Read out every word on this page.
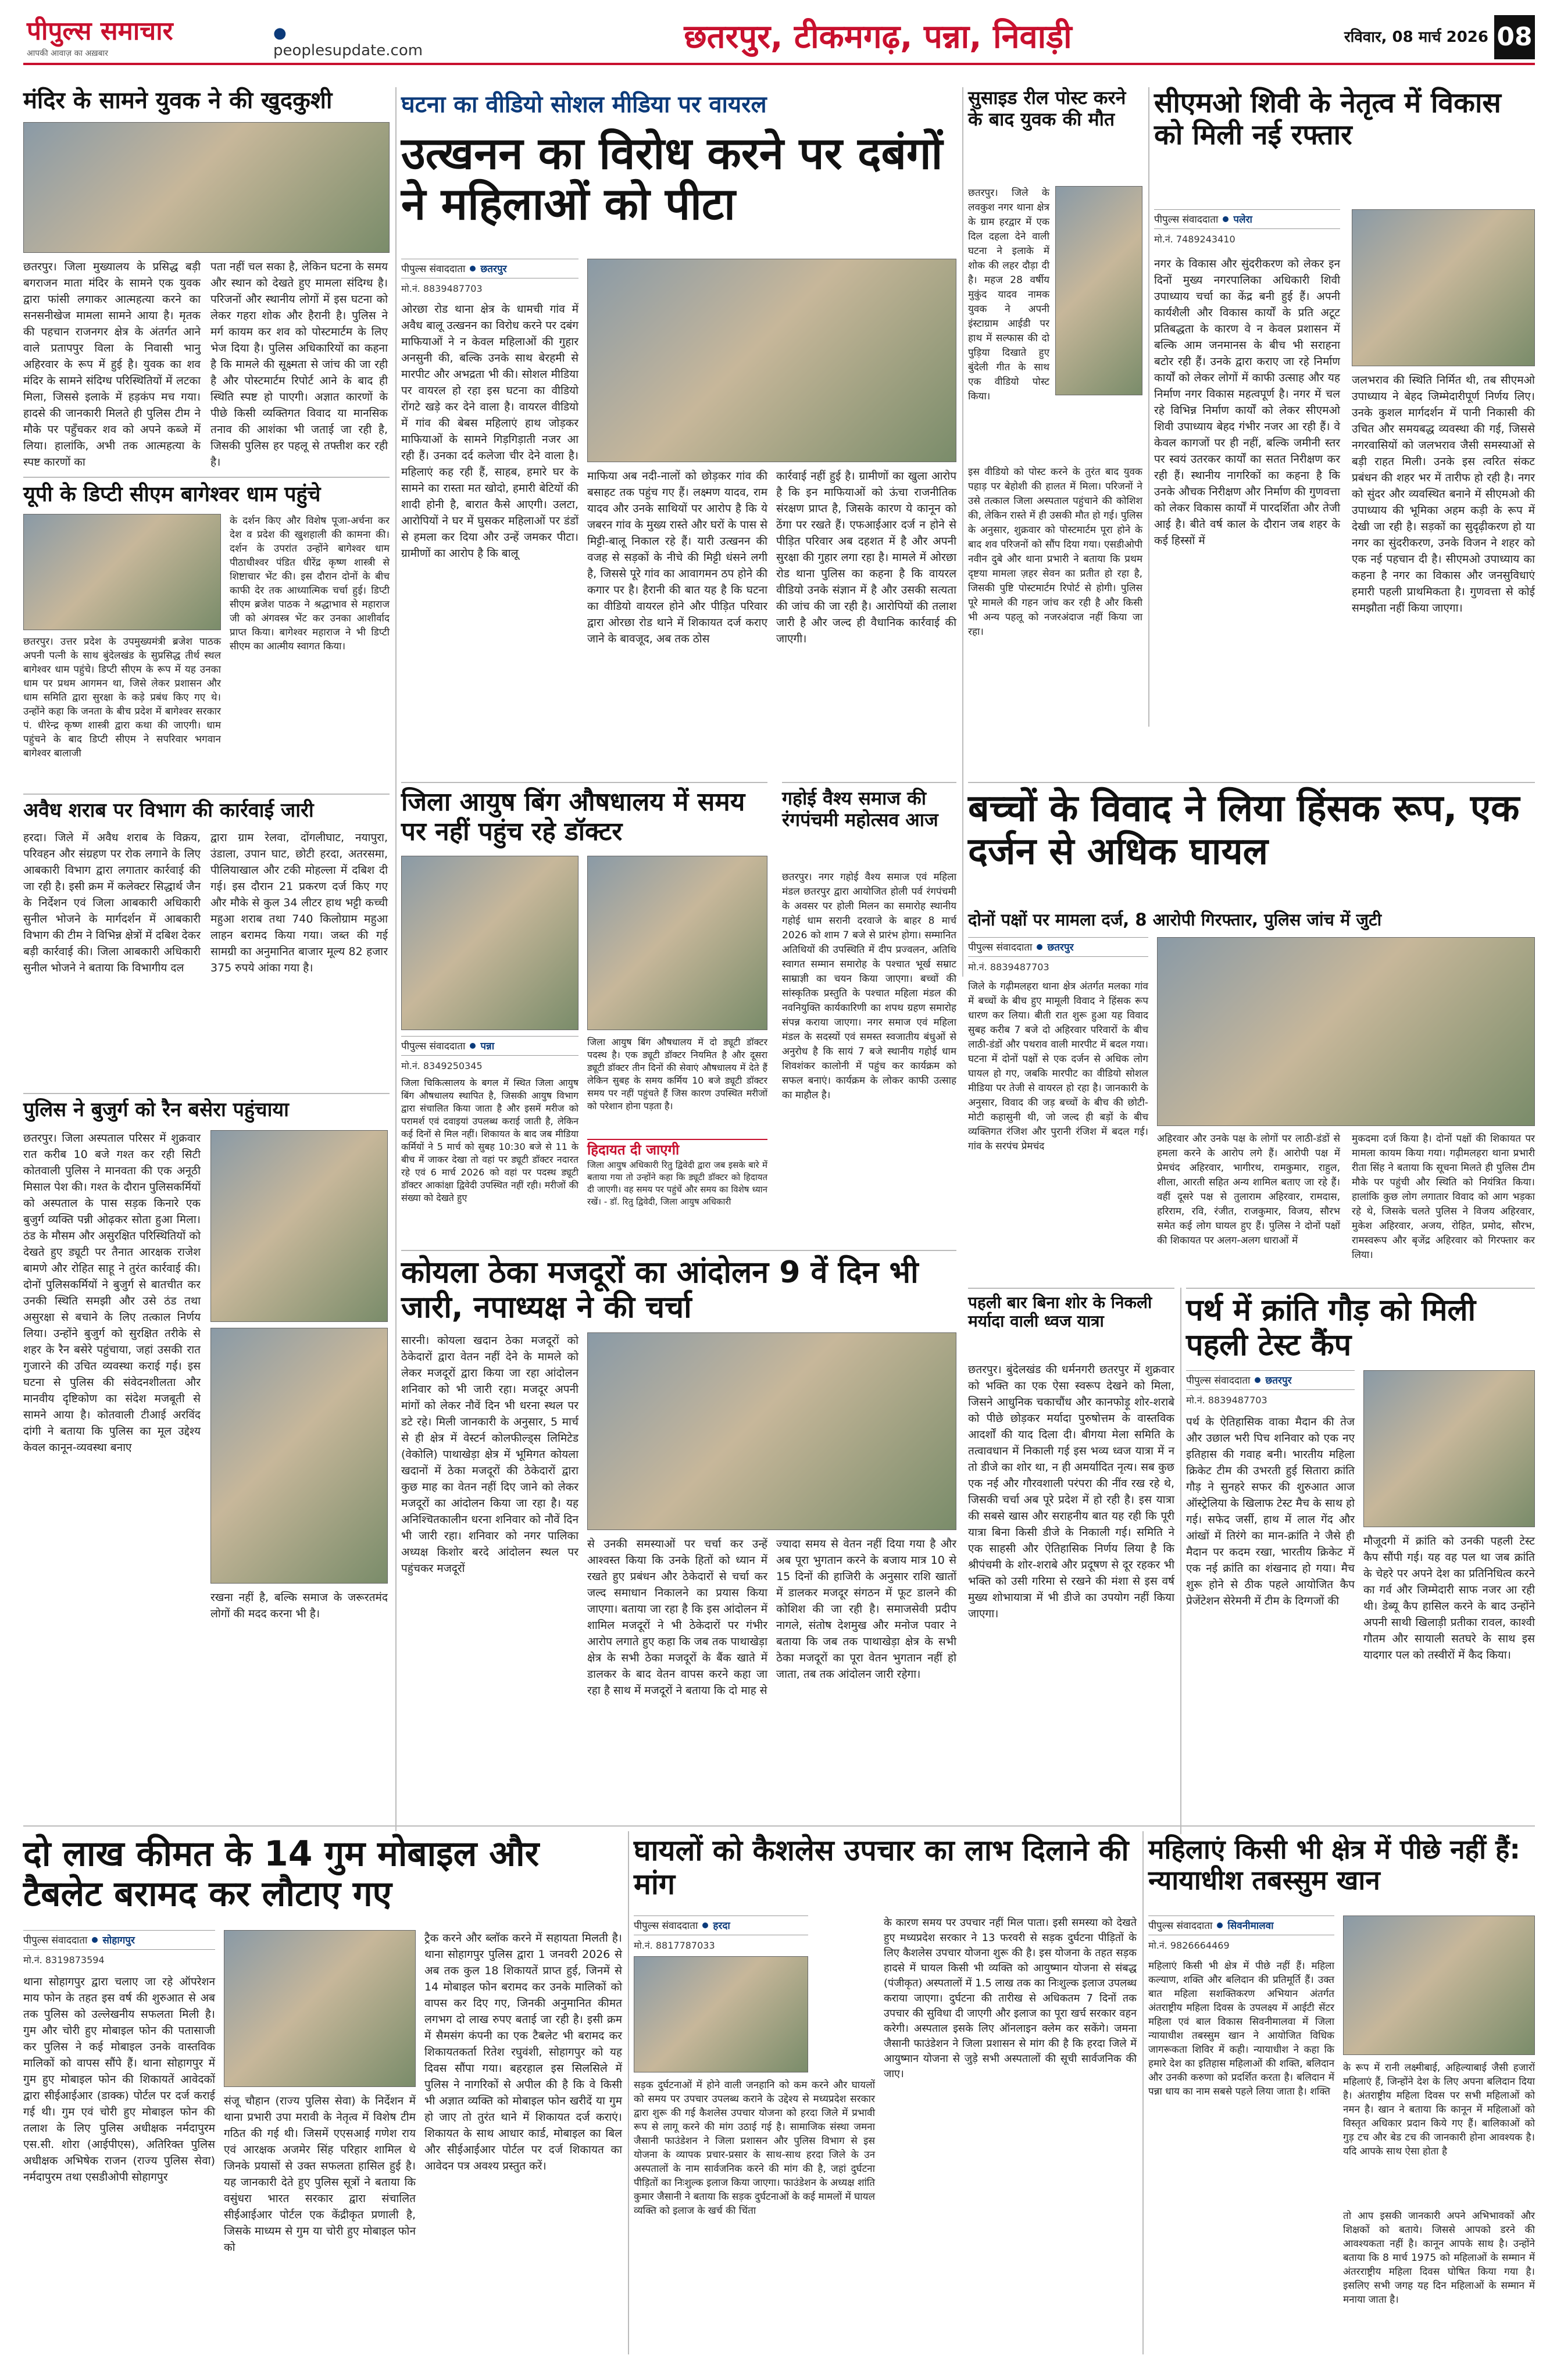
पीपुल्स समाचार
आपकी आवाज़ का अख़बार
● peoplesupdate.com	छतरपुर, टीकमगढ़, पन्ना, निवाड़ी	रविवार, 08 मार्च 2026 08
मंदिर के सामने युवक ने की खुदकुशी
छतरपुर। जिला मुख्यालय के प्रसिद्ध बड़ी बगराजन माता मंदिर के सामने एक युवक द्वारा फांसी लगाकर आत्महत्या करने का सनसनीखेज मामला सामने आया है। मृतक की पहचान राजनगर क्षेत्र के अंतर्गत आने वाले प्रतापपुर विला के निवासी भानु अहिरवार के रूप में हुई है। युवक का शव मंदिर के सामने संदिग्ध परिस्थितियों में लटका मिला, जिससे इलाके में हड़कंप मच गया। हादसे की जानकारी मिलते ही पुलिस टीम ने मौके पर पहुँचकर शव को अपने कब्जे में लिया। हालांकि, अभी तक आत्महत्या के स्पष्ट कारणों का
पता नहीं चल सका है, लेकिन घटना के समय और स्थान को देखते हुए मामला संदिग्ध है। परिजनों और स्थानीय लोगों में इस घटना को लेकर गहरा शोक और हैरानी है। पुलिस ने मर्ग कायम कर शव को पोस्टमार्टम के लिए भेज दिया है। पुलिस अधिकारियों का कहना है कि मामले की सूक्ष्मता से जांच की जा रही है और पोस्टमार्टम रिपोर्ट आने के बाद ही स्थिति स्पष्ट हो पाएगी। अज्ञात कारणों के पीछे किसी व्यक्तिगत विवाद या मानसिक तनाव की आशंका भी जताई जा रही है, जिसकी पुलिस हर पहलू से तफ्तीश कर रही है।
यूपी के डिप्टी सीएम बागेश्वर धाम पहुंचे
छतरपुर। उत्तर प्रदेश के उपमुख्यमंत्री ब्रजेश पाठक अपनी पत्नी के साथ बुंदेलखंड के सुप्रसिद्ध तीर्थ स्थल बागेश्वर धाम पहुंचे। डिप्टी सीएम के रूप में यह उनका धाम पर प्रथम आगमन था, जिसे लेकर प्रशासन और धाम समिति द्वारा सुरक्षा के कड़े प्रबंध किए गए थे। उन्होंने कहा कि जनता के बीच प्रदेश में बागेश्वर सरकार पं. धीरेन्द्र कृष्ण शास्त्री द्वारा कथा की जाएगी। धाम पहुंचने के बाद डिप्टी सीएम ने सपरिवार भगवान बागेश्वर बालाजी
के दर्शन किए और विशेष पूजा-अर्चना कर देश व प्रदेश की खुशहाली की कामना की। दर्शन के उपरांत उन्होंने बागेश्वर धाम पीठाधीश्वर पंडित धीरेंद्र कृष्ण शास्त्री से शिष्टाचार भेंट की। इस दौरान दोनों के बीच काफी देर तक आध्यात्मिक चर्चा हुई। डिप्टी सीएम ब्रजेश पाठक ने श्रद्धाभाव से महाराज जी को अंगवस्त्र भेंट कर उनका आशीर्वाद प्राप्त किया। बागेश्वर महाराज ने भी डिप्टी सीएम का आत्मीय स्वागत किया।
अवैध शराब पर विभाग की कार्रवाई जारी
हरदा। जिले में अवैध शराब के विक्रय, परिवहन और संग्रहण पर रोक लगाने के लिए आबकारी विभाग द्वारा लगातार कार्रवाई की जा रही है। इसी क्रम में कलेक्टर सिद्धार्थ जैन के निर्देशन एवं जिला आबकारी अधिकारी सुनील भोजने के मार्गदर्शन में आबकारी विभाग की टीम ने विभिन्न क्षेत्रों में दबिश देकर बड़ी कार्रवाई की। जिला आबकारी अधिकारी सुनील भोजने ने बताया कि विभागीय दल
द्वारा ग्राम रेलवा, दोंगलीघाट, नयापुरा, उंडाला, उपान घाट, छोटी हरदा, अतरसमा, पीलियाखाल और टकी मोहल्ला में दबिश दी गई। इस दौरान 21 प्रकरण दर्ज किए गए और मौके से कुल 34 लीटर हाथ भट्टी कच्ची महुआ शराब तथा 740 किलोग्राम महुआ लाहन बरामद किया गया। जब्त की गई सामग्री का अनुमानित बाजार मूल्य 82 हजार 375 रुपये आंका गया है।
पुलिस ने बुजुर्ग को रैन बसेरा पहुंचाया
छतरपुर। जिला अस्पताल परिसर में शुक्रवार रात करीब 10 बजे गश्त कर रही सिटी कोतवाली पुलिस ने मानवता की एक अनूठी मिसाल पेश की। गश्त के दौरान पुलिसकर्मियों को अस्पताल के पास सड़क किनारे एक बुजुर्ग व्यक्ति पन्नी ओढ़कर सोता हुआ मिला। ठंड के मौसम और असुरक्षित परिस्थितियों को देखते हुए ड्यूटी पर तैनात आरक्षक राजेश बामणे और रोहित साहू ने तुरंत कार्रवाई की। दोनों पुलिसकर्मियों ने बुजुर्ग से बातचीत कर उनकी स्थिति समझी और उसे ठंड तथा असुरक्षा से बचाने के लिए तत्काल निर्णय लिया। उन्होंने बुजुर्ग को सुरक्षित तरीके से शहर के रैन बसेरे पहुंचाया, जहां उसकी रात गुजारने की उचित व्यवस्था कराई गई। इस घटना से पुलिस की संवेदनशीलता और मानवीय दृष्टिकोण का संदेश मजबूती से सामने आया है। कोतवाली टीआई अरविंद दांगी ने बताया कि पुलिस का मूल उद्देश्य केवल कानून-व्यवस्था बनाए
रखना नहीं है, बल्कि समाज के जरूरतमंद लोगों की मदद करना भी है।
घटना का वीडियो सोशल मीडिया पर वायरल
उत्खनन का विरोध करने पर दबंगों ने महिलाओं को पीटा
पीपुल्स संवाददाता छतरपुर
मो.नं. 8839487703
ओरछा रोड थाना क्षेत्र के धामची गांव में अवैध बालू उत्खनन का विरोध करने पर दबंग माफियाओं ने न केवल महिलाओं की गुहार अनसुनी की, बल्कि उनके साथ बेरहमी से मारपीट और अभद्रता भी की। सोशल मीडिया पर वायरल हो रहा इस घटना का वीडियो रोंगटे खड़े कर देने वाला है। वायरल वीडियो में गांव की बेबस महिलाएं हाथ जोड़कर माफियाओं के सामने गिड़गिड़ाती नजर आ रही हैं। उनका दर्द कलेजा चीर देने वाला है। महिलाएं कह रही हैं, साहब, हमारे घर के सामने का रास्ता मत खोदो, हमारी बेटियों की शादी होनी है, बारात कैसे आएगी। उलटा, आरोपियों ने घर में घुसकर महिलाओं पर डंडों से हमला कर दिया और उन्हें जमकर पीटा। ग्रामीणों का आरोप है कि बालू
माफिया अब नदी-नालों को छोड़कर गांव की बसाहट तक पहुंच गए हैं। लक्ष्मण यादव, राम यादव और उनके साथियों पर आरोप है कि ये जबरन गांव के मुख्य रास्ते और घरों के पास से मिट्टी-बालू निकाल रहे हैं। यारी उत्खनन की वजह से सड़कों के नीचे की मिट्टी धंसने लगी है, जिससे पूरे गांव का आवागमन ठप होने की कगार पर है। हैरानी की बात यह है कि घटना का वीडियो वायरल होने और पीड़ित परिवार द्वारा ओरछा रोड थाने में शिकायत दर्ज कराए जाने के बावजूद, अब तक ठोस
कार्रवाई नहीं हुई है। ग्रामीणों का खुला आरोप है कि इन माफियाओं को ऊंचा राजनीतिक संरक्षण प्राप्त है, जिसके कारण ये कानून को ठेंगा पर रखते हैं। एफआईआर दर्ज न होने से पीड़ित परिवार अब दहशत में है और अपनी सुरक्षा की गुहार लगा रहा है। मामले में ओरछा रोड थाना पुलिस का कहना है कि वायरल वीडियो उनके संज्ञान में है और उसकी सत्यता की जांच की जा रही है। आरोपियों की तलाश जारी है और जल्द ही वैधानिक कार्रवाई की जाएगी।
सुसाइड रील पोस्ट करने के बाद युवक की मौत
छतरपुर। जिले के लवकुश नगर थाना क्षेत्र के ग्राम हरद्वार में एक दिल दहला देने वाली घटना ने इलाके में शोक की लहर दौड़ा दी है। महज 28 वर्षीय मुकुंद यादव नामक युवक ने अपनी इंस्टाग्राम आईडी पर हाथ में सल्फास की दो पुड़िया दिखाते हुए बुंदेली गीत के साथ एक वीडियो पोस्ट किया।
इस वीडियो को पोस्ट करने के तुरंत बाद युवक पहाड़ पर बेहोशी की हालत में मिला। परिजनों ने उसे तत्काल जिला अस्पताल पहुंचाने की कोशिश की, लेकिन रास्ते में ही उसकी मौत हो गई। पुलिस के अनुसार, शुक्रवार को पोस्टमार्टम पूरा होने के बाद शव परिजनों को सौंप दिया गया। एसडीओपी नवीन दुबे और थाना प्रभारी ने बताया कि प्रथम दृष्टया मामला ज़हर सेवन का प्रतीत हो रहा है, जिसकी पुष्टि पोस्टमार्टम रिपोर्ट से होगी। पुलिस पूरे मामले की गहन जांच कर रही है और किसी भी अन्य पहलू को नजरअंदाज नहीं किया जा रहा।
सीएमओ शिवी के नेतृत्व में विकास को मिली नई रफ्तार
पीपुल्स संवाददाता पलेरा
मो.नं. 7489243410
नगर के विकास और सुंदरीकरण को लेकर इन दिनों मुख्य नगरपालिका अधिकारी शिवी उपाध्याय चर्चा का केंद्र बनी हुई हैं। अपनी कार्यशैली और विकास कार्यों के प्रति अटूट प्रतिबद्धता के कारण वे न केवल प्रशासन में बल्कि आम जनमानस के बीच भी सराहना बटोर रही हैं। उनके द्वारा कराए जा रहे निर्माण कार्यों को लेकर लोगों में काफी उत्साह और यह निर्माण नगर विकास महत्वपूर्ण है। नगर में चल रहे विभिन्न निर्माण कार्यों को लेकर सीएमओ शिवी उपाध्याय बेहद गंभीर नजर आ रही हैं। वे केवल कागजों पर ही नहीं, बल्कि जमीनी स्तर पर स्वयं उतरकर कार्यों का सतत निरीक्षण कर रही हैं। स्थानीय नागरिकों का कहना है कि उनके औचक निरीक्षण और निर्माण की गुणवत्ता को लेकर विकास कार्यों में पारदर्शिता और तेजी आई है। बीते वर्ष काल के दौरान जब शहर के कई हिस्सों में
जलभराव की स्थिति निर्मित थी, तब सीएमओ उपाध्याय ने बेहद जिम्मेदारीपूर्ण निर्णय लिए। उनके कुशल मार्गदर्शन में पानी निकासी की उचित और समयबद्ध व्यवस्था की गई, जिससे नगरवासियों को जलभराव जैसी समस्याओं से बड़ी राहत मिली। उनके इस त्वरित संकट प्रबंधन की शहर भर में तारीफ हो रही है। नगर को सुंदर और व्यवस्थित बनाने में सीएमओ की उपाध्याय की भूमिका अहम कड़ी के रूप में देखी जा रही है। सड़कों का सुदृढ़ीकरण हो या नगर का सुंदरीकरण, उनके विजन ने शहर को एक नई पहचान दी है। सीएमओ उपाध्याय का कहना है नगर का विकास और जनसुविधाएं हमारी पहली प्राथमिकता है। गुणवत्ता से कोई समझौता नहीं किया जाएगा।
जिला आयुष बिंग औषधालय में समय पर नहीं पहुंच रहे डॉक्टर
पीपुल्स संवाददाता पन्ना
मो.नं. 8349250345
जिला चिकित्सालय के बगल में स्थित जिला आयुष बिंग औषधालय स्थापित है, जिसकी आयुष विभाग द्वारा संचालित किया जाता है और इसमें मरीज को परामर्श एवं दवाइयां उपलब्ध कराई जाती है, लेकिन कई दिनों से मिल नहीं। शिकायत के बाद जब मीडिया कर्मियों ने 5 मार्च को सुबह 10:30 बजे से 11 के बीच में जाकर देखा तो वहां पर ड्यूटी डॉक्टर नदारत रहे एवं 6 मार्च 2026 को वहां पर पदस्थ ड्यूटी डॉक्टर आकांक्षा द्विवेदी उपस्थित नहीं रही। मरीजों की संख्या को देखते हुए
जिला आयुष बिंग औषधालय में दो ड्यूटी डॉक्टर पदस्थ है। एक ड्यूटी डॉक्टर नियमित है और दूसरा ड्यूटी डॉक्टर तीन दिनों की सेवाएं औषधालय में देते हैं लेकिन सुबह के समय कर्मिय 10 बजे ड्यूटी डॉक्टर समय पर नहीं पहुंचते हैं जिस कारण उपस्थित मरीजों को परेशान होना पड़ता है।
हिदायत दी जाएगी
जिला आयुष अधिकारी रितु द्विवेदी द्वारा जब इसके बारे में बताया गया तो उन्होंने कहा कि ड्यूटी डॉक्टर को हिदायत दी जाएगी। वह समय पर पहुंचें और समय का विशेष ध्यान रखें। - डॉ. रितु द्विवेदी, जिला आयुष अधिकारी
गहोई वैश्य समाज की रंगपंचमी महोत्सव आज
छतरपुर। नगर गहोई वैश्य समाज एवं महिला मंडल छतरपुर द्वारा आयोजित होली पर्व रंगपंचमी के अवसर पर होली मिलन का समारोह स्थानीय गहोई धाम सरानी दरवाजे के बाहर 8 मार्च 2026 को शाम 7 बजे से प्रारंभ होगा। सम्मानित अतिथियों की उपस्थिति में दीप प्रज्वलन, अतिथि स्वागत सम्मान समारोह के पश्चात भूर्ख सम्राट साम्राज्ञी का चयन किया जाएगा। बच्चों की सांस्कृतिक प्रस्तुति के पश्चात महिला मंडल की नवनियुक्ति कार्यकारिणी का शपथ ग्रहण समारोह संपन्न कराया जाएगा। नगर समाज एवं महिला मंडल के सदस्यों एवं समस्त स्वजातीय बंधुओं से अनुरोध है कि सायं 7 बजे स्थानीय गहोई धाम शिवशंकर कालोनी में पहुंच कर कार्यक्रम को सफल बनाएं। कार्यक्रम के लोकर काफी उत्साह का माहौल है।
बच्चों के विवाद ने लिया हिंसक रूप, एक दर्जन से अधिक घायल
दोनों पक्षों पर मामला दर्ज, 8 आरोपी गिरफ्तार, पुलिस जांच में जुटी
पीपुल्स संवाददाता छतरपुर
मो.नं. 8839487703
जिले के गढ़ीमलहरा थाना क्षेत्र अंतर्गत मलका गांव में बच्चों के बीच हुए मामूली विवाद ने हिंसक रूप धारण कर लिया। बीती रात शुरू हुआ यह विवाद सुबह करीब 7 बजे दो अहिरवार परिवारों के बीच लाठी-डंडों और पथराव वाली मारपीट में बदल गया। घटना में दोनों पक्षों से एक दर्जन से अधिक लोग घायल हो गए, जबकि मारपीट का वीडियो सोशल मीडिया पर तेजी से वायरल हो रहा है। जानकारी के अनुसार, विवाद की जड़ बच्चों के बीच की छोटी-मोटी कहासुनी थी, जो जल्द ही बड़ों के बीच व्यक्तिगत रंजिश और पुरानी रंजिश में बदल गई। गांव के सरपंच प्रेमचंद
अहिरवार और उनके पक्ष के लोगों पर लाठी-डंडों से हमला करने के आरोप लगे हैं। आरोपी पक्ष में प्रेमचंद अहिरवार, भागीरथ, रामकुमार, राहुल, शीला, आरती सहित अन्य शामिल बताए जा रहे हैं। वहीं दूसरे पक्ष से तुलाराम अहिरवार, रामदास, हरिराम, रवि, रंजीत, राजकुमार, विजय, सौरभ समेत कई लोग घायल हुए हैं। पुलिस ने दोनों पक्षों की शिकायत पर अलग-अलग धाराओं में
मुकदमा दर्ज किया है। दोनों पक्षों की शिकायत पर मामला कायम किया गया। गढ़ीमलहरा थाना प्रभारी रीता सिंह ने बताया कि सूचना मिलते ही पुलिस टीम मौके पर पहुंची और स्थिति को नियंत्रित किया। हालांकि कुछ लोग लगातार विवाद को आग भड़का रहे थे, जिसके चलते पुलिस ने विजय अहिरवार, मुकेश अहिरवार, अजय, रोहित, प्रमोद, सौरभ, रामस्वरूप और बृजेंद्र अहिरवार को गिरफ्तार कर लिया।
कोयला ठेका मजदूरों का आंदोलन 9 वें दिन भी जारी, नपाध्यक्ष ने की चर्चा
सारनी। कोयला खदान ठेका मजदूरों को ठेकेदारों द्वारा वेतन नहीं देने के मामले को लेकर मजदूरों द्वारा किया जा रहा आंदोलन शनिवार को भी जारी रहा। मजदूर अपनी मांगों को लेकर नौवें दिन भी धरना स्थल पर डटे रहे। मिली जानकारी के अनुसार, 5 मार्च से ही क्षेत्र में वेस्टर्न कोलफील्ड्स लिमिटेड (वेकोलि) पाथाखेड़ा क्षेत्र में भूमिगत कोयला खदानों में ठेका मजदूरों की ठेकेदारों द्वारा कुछ माह का वेतन नहीं दिए जाने को लेकर मजदूरों का आंदोलन किया जा रहा है। यह अनिश्चितकालीन धरना शनिवार को नौवें दिन भी जारी रहा। शनिवार को नगर पालिका अध्यक्ष किशोर बरदे आंदोलन स्थल पर पहुंचकर मजदूरों
से उनकी समस्याओं पर चर्चा कर उन्हें आश्वस्त किया कि उनके हितों को ध्यान में रखते हुए प्रबंधन और ठेकेदारों से चर्चा कर जल्द समाधान निकालने का प्रयास किया जाएगा। बताया जा रहा है कि इस आंदोलन में शामिल मजदूरों ने भी ठेकेदारों पर गंभीर आरोप लगाते हुए कहा कि जब तक पाथाखेड़ा क्षेत्र के सभी ठेका मजदूरों के बैंक खाते में डालकर के बाद वेतन वापस करने कहा जा रहा है साथ में मजदूरों ने बताया कि दो माह से
ज्यादा समय से वेतन नहीं दिया गया है और अब पूरा भुगतान करने के बजाय मात्र 10 से 15 दिनों की हाजिरी के अनुसार राशि खातों में डालकर मजदूर संगठन में फूट डालने की कोशिश की जा रही है। समाजसेवी प्रदीप नागले, संतोष देशमुख और मनोज पवार ने बताया कि जब तक पाथाखेड़ा क्षेत्र के सभी ठेका मजदूरों का पूरा वेतन भुगतान नहीं हो जाता, तब तक आंदोलन जारी रहेगा।
पहली बार बिना शोर के निकली मर्यादा वाली ध्वज यात्रा
छतरपुर। बुंदेलखंड की धर्मनगरी छतरपुर में शुक्रवार को भक्ति का एक ऐसा स्वरूप देखने को मिला, जिसने आधुनिक चकाचौंध और कानफोड़ू शोर-शराबे को पीछे छोड़कर मर्यादा पुरुषोत्तम के वास्तविक आदर्शों की याद दिला दी। बीगया मेला समिति के तत्वावधान में निकाली गई इस भव्य ध्वज यात्रा में न तो डीजे का शोर था, न ही अमर्यादित नृत्य। सब कुछ एक नई और गौरवशाली परंपरा की नींव रख रहे थे, जिसकी चर्चा अब पूरे प्रदेश में हो रही है। इस यात्रा की सबसे खास और सराहनीय बात यह रही कि पूरी यात्रा बिना किसी डीजे के निकाली गई। समिति ने एक साहसी और ऐतिहासिक निर्णय लिया है कि श्रीपंचमी के शोर-शराबे और प्रदूषण से दूर रहकर भी भक्ति को उसी गरिमा से रखने की मंशा से इस वर्ष मुख्य शोभायात्रा में भी डीजे का उपयोग नहीं किया जाएगा।
पर्थ में क्रांति गौड़ को मिली पहली टेस्ट कैंप
पीपुल्स संवाददाता छतरपुर
मो.नं. 8839487703
पर्थ के ऐतिहासिक वाका मैदान की तेज और उछाल भरी पिच शनिवार को एक नए इतिहास की गवाह बनी। भारतीय महिला क्रिकेट टीम की उभरती हुई सितारा क्रांति गौड़ ने सुनहरे सफर की शुरुआत आज ऑस्ट्रेलिया के खिलाफ टेस्ट मैच के साथ हो गई। सफेद जर्सी, हाथ में लाल गेंद और आंखों में तिरंगे का मान-क्रांति ने जैसे ही मैदान पर कदम रखा, भारतीय क्रिकेट में एक नई क्रांति का शंखनाद हो गया। मैच शुरू होने से ठीक पहले आयोजित कैप प्रेजेंटेशन सेरेमनी में टीम के दिग्गजों की
मौजूदगी में क्रांति को उनकी पहली टेस्ट कैप सौंपी गई। यह वह पल था जब क्रांति के चेहरे पर अपने देश का प्रतिनिधित्व करने का गर्व और जिम्मेदारी साफ नजर आ रही थी। डेब्यू कैप हासिल करने के बाद उन्होंने अपनी साथी खिलाड़ी प्रतीका रावल, काश्वी गौतम और सायाली सतघरे के साथ इस यादगार पल को तस्वीरों में कैद किया।
दो लाख कीमत के 14 गुम मोबाइल और टैबलेट बरामद कर लौटाए गए
पीपुल्स संवाददाता सोहागपुर
मो.नं. 8319873594
थाना सोहागपुर द्वारा चलाए जा रहे ऑपरेशन माय फोन के तहत इस वर्ष की शुरुआत से अब तक पुलिस को उल्लेखनीय सफलता मिली है। गुम और चोरी हुए मोबाइल फोन की पतासाजी कर पुलिस ने कई मोबाइल उनके वास्तविक मालिकों को वापस सौंपे हैं। थाना सोहागपुर में गुम हुए मोबाइल फोन की शिकायतें आवेदकों द्वारा सीईआईआर (डाक्क) पोर्टल पर दर्ज कराई गई थी। गुम एवं चोरी हुए मोबाइल फोन की तलाश के लिए पुलिस अधीक्षक नर्मदापुरम एस.सी. शोरा (आईपीएस), अतिरिक्त पुलिस अधीक्षक अभिषेक राजन (राज्य पुलिस सेवा) नर्मदापुरम तथा एसडीओपी सोहागपुर
संजू चौहान (राज्य पुलिस सेवा) के निर्देशन में थाना प्रभारी उपा मरावी के नेतृत्व में विशेष टीम गठित की गई थी। जिसमें एएसआई गणेश राय एवं आरक्षक अजमेर सिंह परिहार शामिल थे जिनके प्रयासों से उक्त सफलता हासिल हुई है। यह जानकारी देते हुए पुलिस सूत्रों ने बताया कि वसुंधरा भारत सरकार द्वारा संचालित सीईआईआर पोर्टल एक केंद्रीकृत प्रणाली है, जिसके माध्यम से गुम या चोरी हुए मोबाइल फोन को
ट्रैक करने और ब्लॉक करने में सहायता मिलती है। थाना सोहागपुर पुलिस द्वारा 1 जनवरी 2026 से अब तक कुल 18 शिकायतें प्राप्त हुई, जिनमें से 14 मोबाइल फोन बरामद कर उनके मालिकों को वापस कर दिए गए, जिनकी अनुमानित कीमत लगभग दो लाख रुपए बताई जा रही है। इसी क्रम में सैमसंग कंपनी का एक टैबलेट भी बरामद कर शिकायतकर्ता रितेश रघुवंशी, सोहागपुर को यह दिवस सौंपा गया। बहरहाल इस सिलसिले में पुलिस ने नागरिकों से अपील की है कि वे किसी भी अज्ञात व्यक्ति को मोबाइल फोन खरीदें या गुम हो जाए तो तुरंत थाने में शिकायत दर्ज कराएं। शिकायत के साथ आधार कार्ड, मोबाइल का बिल और सीईआईआर पोर्टल पर दर्ज शिकायत का आवेदन पत्र अवश्य प्रस्तुत करें।
घायलों को कैशलेस उपचार का लाभ दिलाने की मांग
पीपुल्स संवाददाता हरदा
मो.नं. 8817787033
सड़क दुर्घटनाओं में होने वाली जनहानि को कम करने और घायलों को समय पर उपचार उपलब्ध कराने के उद्देश्य से मध्यप्रदेश सरकार द्वारा शुरू की गई कैशलेस उपचार योजना को हरदा जिले में प्रभावी रूप से लागू करने की मांग उठाई गई है। सामाजिक संस्था जमना जैसानी फाउंडेशन ने जिला प्रशासन और पुलिस विभाग से इस योजना के व्यापक प्रचार-प्रसार के साथ-साथ हरदा जिले के उन अस्पतालों के नाम सार्वजनिक करने की मांग की है, जहां दुर्घटना पीड़ितों का निःशुल्क इलाज किया जाएगा। फाउंडेशन के अध्यक्ष शांति कुमार जैसानी ने बताया कि सड़क दुर्घटनाओं के कई मामलों में घायल व्यक्ति को इलाज के खर्च की चिंता
के कारण समय पर उपचार नहीं मिल पाता। इसी समस्या को देखते हुए मध्यप्रदेश सरकार ने 13 फरवरी से सड़क दुर्घटना पीड़ितों के लिए कैशलेस उपचार योजना शुरू की है। इस योजना के तहत सड़क हादसे में घायल किसी भी व्यक्ति को आयुष्मान योजना से संबद्ध (पंजीकृत) अस्पतालों में 1.5 लाख तक का निःशुल्क इलाज उपलब्ध कराया जाएगा। दुर्घटना की तारीख से अधिकतम 7 दिनों तक उपचार की सुविधा दी जाएगी और इलाज का पूरा खर्च सरकार वहन करेगी। अस्पताल इसके लिए ऑनलाइन क्लेम कर सकेंगे। जमना जैसानी फाउंडेशन ने जिला प्रशासन से मांग की है कि हरदा जिले में आयुष्मान योजना से जुड़े सभी अस्पतालों की सूची सार्वजनिक की जाए।
महिलाएं किसी भी क्षेत्र में पीछे नहीं हैं: न्यायाधीश तबस्सुम खान
पीपुल्स संवाददाता सिवनीमालवा
मो.नं. 9826664469
महिलाएं किसी भी क्षेत्र में पीछे नहीं हैं। महिला कल्याण, शक्ति और बलिदान की प्रतिमूर्ति हैं। उक्त बात महिला सशक्तिकरण अभियान अंतर्गत अंतराष्ट्रीय महिला दिवस के उपलक्ष्य में आईटी सेंटर महिला एवं बाल विकास सिवनीमालवा में जिला न्यायाधीश तबस्सुम खान ने आयोजित विधिक जागरूकता शिविर में कही। न्यायाधीश ने कहा कि हमारे देश का इतिहास महिलाओं की शक्ति, बलिदान और उनकी करुणा को प्रदर्शित करता है। बलिदान में पन्ना धाय का नाम सबसे पहले लिया जाता है। शक्ति
के रूप में रानी लक्ष्मीबाई, अहिल्याबाई जैसी हजारों महिलाएं हैं, जिन्होंने देश के लिए अपना बलिदान दिया है। अंतराष्ट्रीय महिला दिवस पर सभी महिलाओं को नमन है। खान ने बताया कि कानून में महिलाओं को विस्तृत अधिकार प्रदान किये गए हैं। बालिकाओं को गुड़ टच और बेड टच की जानकारी होना आवश्यक है। यदि आपके साथ ऐसा होता है
तो आप इसकी जानकारी अपने अभिभावकों और शिक्षकों को बताये। जिससे आपको डरने की आवश्यकता नहीं है। कानून आपके साथ है। उन्होंने बताया कि 8 मार्च 1975 को महिलाओं के सम्मान में अंतरराष्ट्रीय महिला दिवस घोषित किया गया है। इसलिए सभी जगह यह दिन महिलाओं के सम्मान में मनाया जाता है।
